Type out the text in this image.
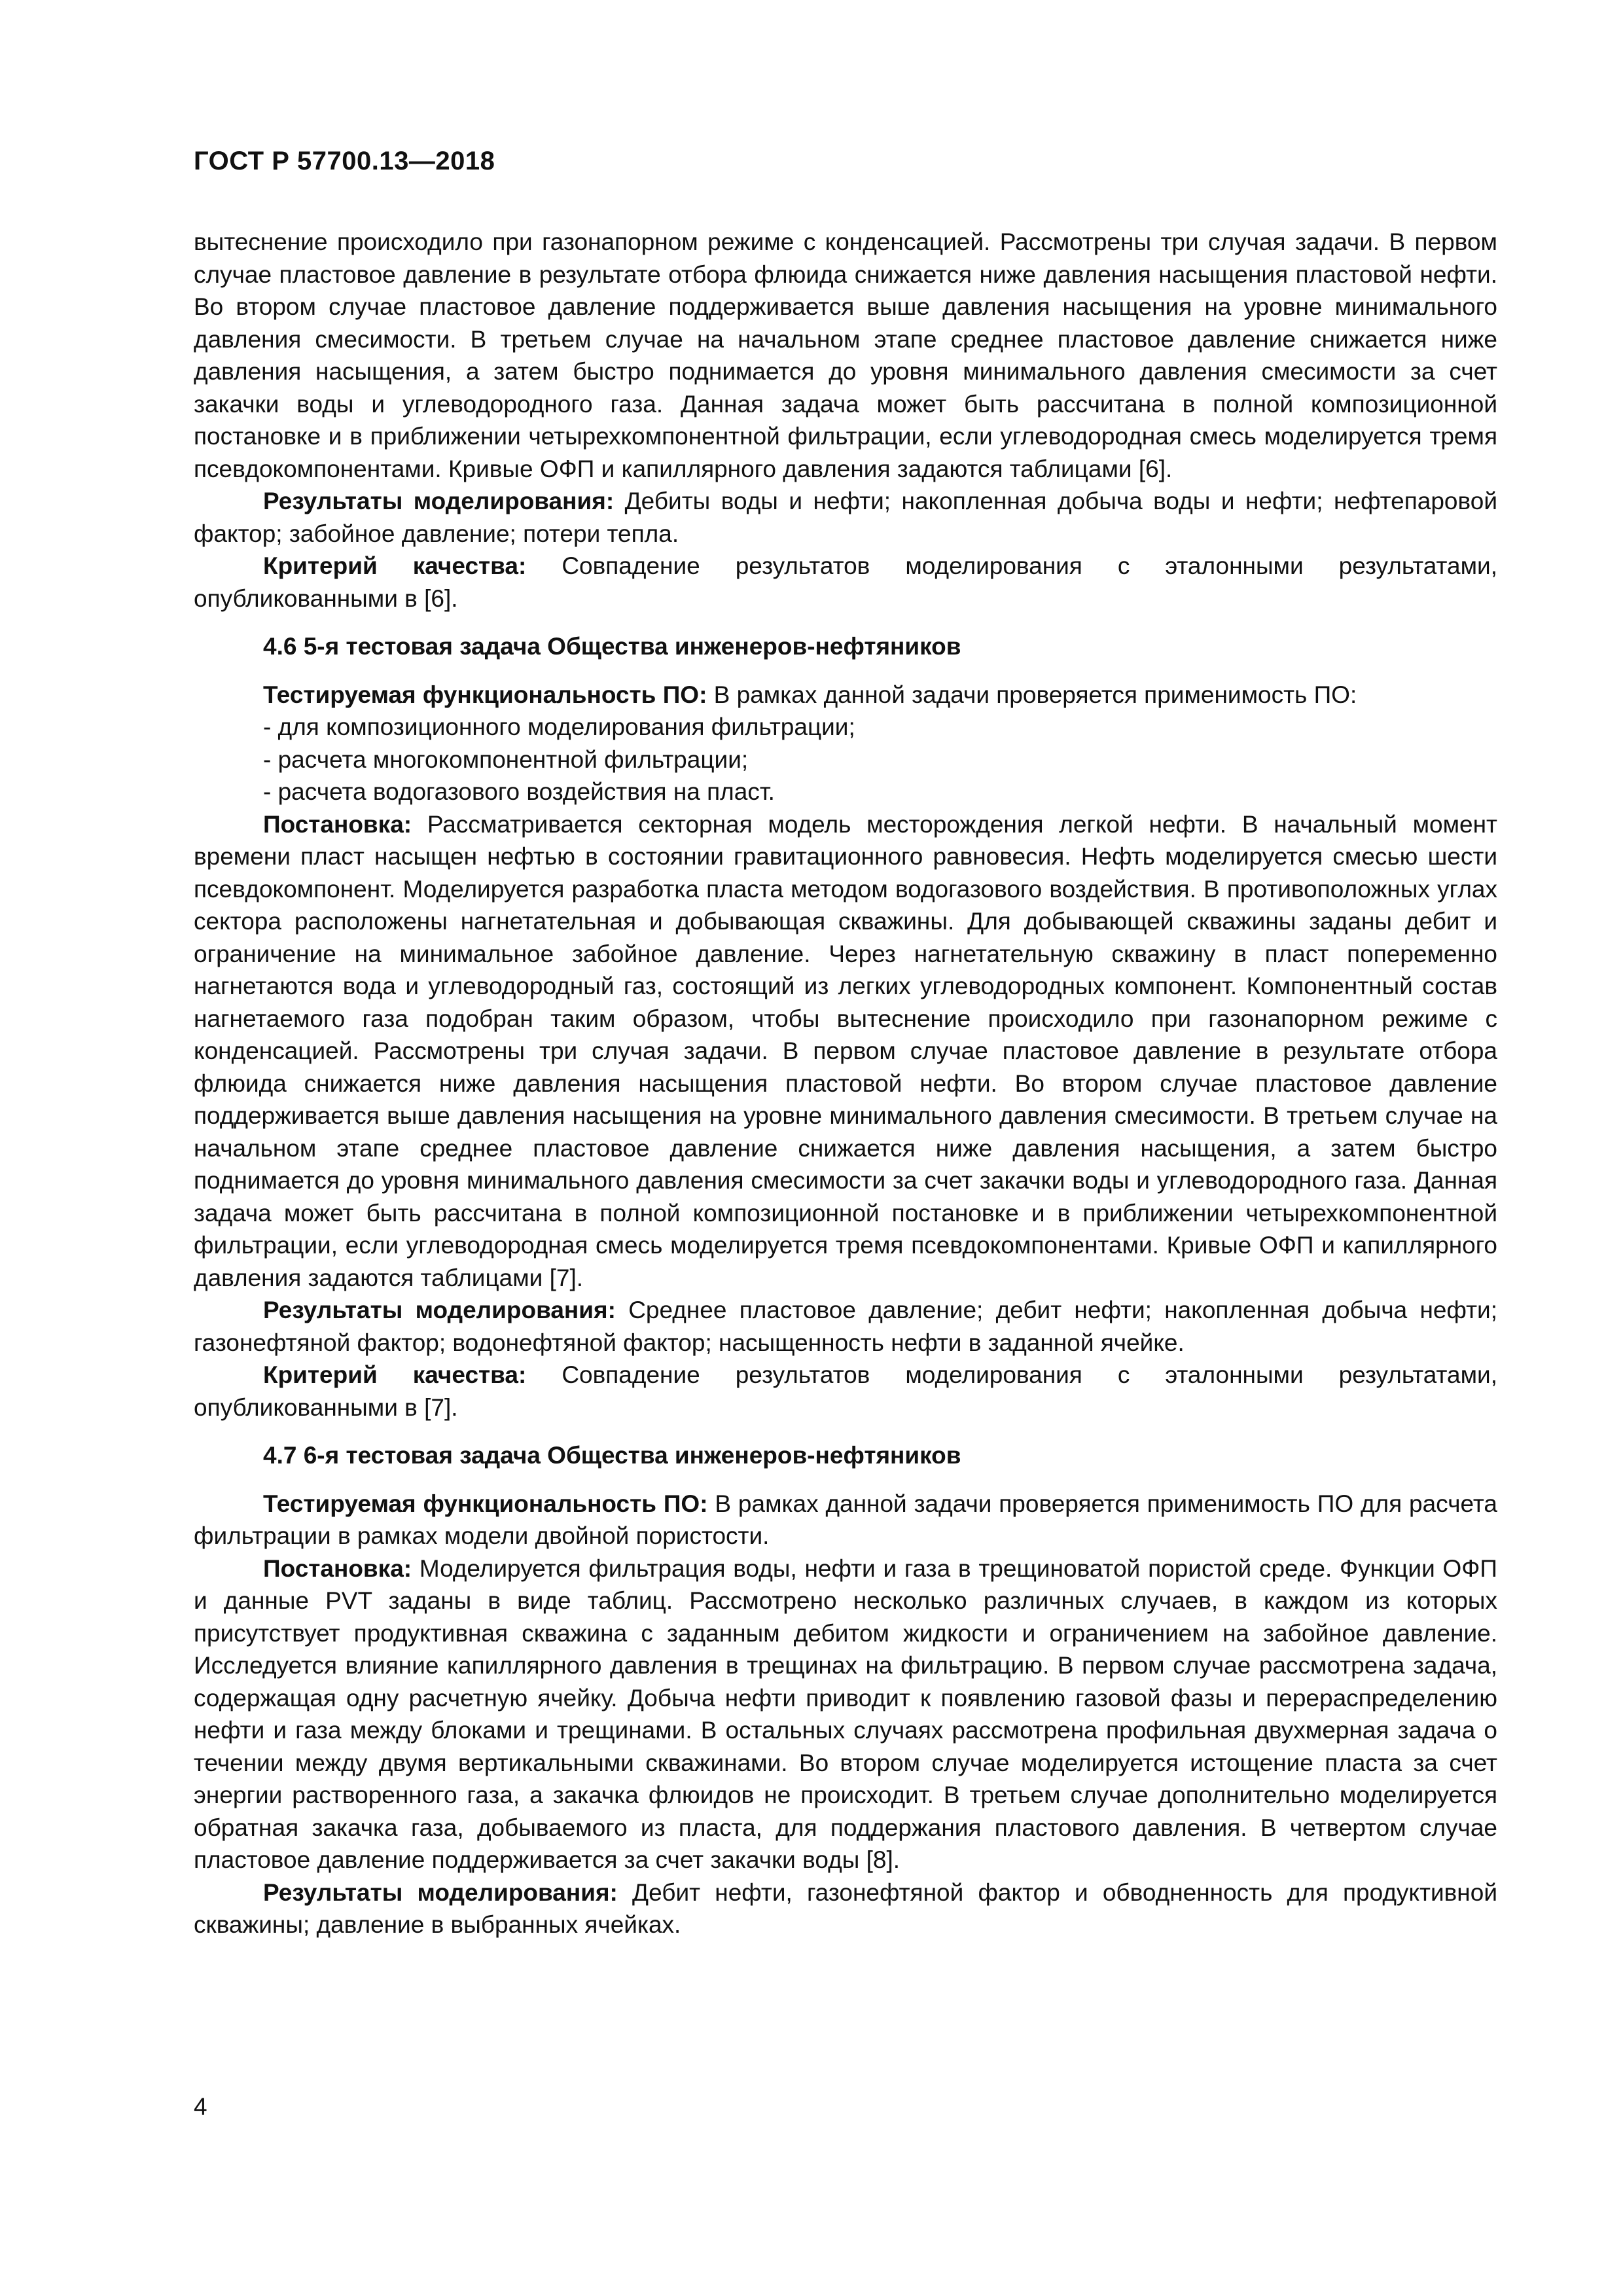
ГОСТ Р 57700.13—2018

вытеснение происходило при газонапорном режиме с конденсацией. Рассмотрены три случая задачи. В первом случае пластовое давление в результате отбора флюида снижается ниже давления насыщения пластовой нефти. Во втором случае пластовое давление поддерживается выше давления насыщения на уровне минимального давления смесимости. В третьем случае на начальном этапе среднее пластовое давление снижается ниже давления насыщения, а затем быстро поднимается до уровня минимального давления смесимости за счет закачки воды и углеводородного газа. Данная задача может быть рассчитана в полной композиционной постановке и в приближении четырехкомпонентной фильтрации, если углеводородная смесь моделируется тремя псевдокомпонентами. Кривые ОФП и капиллярного давления задаются таблицами [6].

Результаты моделирования: Дебиты воды и нефти; накопленная добыча воды и нефти; нефтепаровой фактор; забойное давление; потери тепла.

Критерий качества: Совпадение результатов моделирования с эталонными результатами, опубликованными в [6].

4.6 5-я тестовая задача Общества инженеров-нефтяников

Тестируемая функциональность ПО: В рамках данной задачи проверяется применимость ПО:

- для композиционного моделирования фильтрации;

- расчета многокомпонентной фильтрации;

- расчета водогазового воздействия на пласт.

Постановка: Рассматривается секторная модель месторождения легкой нефти. В начальный момент времени пласт насыщен нефтью в состоянии гравитационного равновесия. Нефть моделируется смесью шести псевдокомпонент. Моделируется разработка пласта методом водогазового воздействия. В противоположных углах сектора расположены нагнетательная и добывающая скважины. Для добывающей скважины заданы дебит и ограничение на минимальное забойное давление. Через нагнетательную скважину в пласт попеременно нагнетаются вода и углеводородный газ, состоящий из легких углеводородных компонент. Компонентный состав нагнетаемого газа подобран таким образом, чтобы вытеснение происходило при газонапорном режиме с конденсацией. Рассмотрены три случая задачи. В первом случае пластовое давление в результате отбора флюида снижается ниже давления насыщения пластовой нефти. Во втором случае пластовое давление поддерживается выше давления насыщения на уровне минимального давления смесимости. В третьем случае на начальном этапе среднее пластовое давление снижается ниже давления насыщения, а затем быстро поднимается до уровня минимального давления смесимости за счет закачки воды и углеводородного газа. Данная задача может быть рассчитана в полной композиционной постановке и в приближении четырехкомпонентной фильтрации, если углеводородная смесь моделируется тремя псевдокомпонентами. Кривые ОФП и капиллярного давления задаются таблицами [7].

Результаты моделирования: Среднее пластовое давление; дебит нефти; накопленная добыча нефти; газонефтяной фактор; водонефтяной фактор; насыщенность нефти в заданной ячейке.

Критерий качества: Совпадение результатов моделирования с эталонными результатами, опубликованными в [7].

4.7 6-я тестовая задача Общества инженеров-нефтяников

Тестируемая функциональность ПО: В рамках данной задачи проверяется применимость ПО для расчета фильтрации в рамках модели двойной пористости.

Постановка: Моделируется фильтрация воды, нефти и газа в трещиноватой пористой среде. Функции ОФП и данные PVT заданы в виде таблиц. Рассмотрено несколько различных случаев, в каждом из которых присутствует продуктивная скважина с заданным дебитом жидкости и ограничением на забойное давление. Исследуется влияние капиллярного давления в трещинах на фильтрацию. В первом случае рассмотрена задача, содержащая одну расчетную ячейку. Добыча нефти приводит к появлению газовой фазы и перераспределению нефти и газа между блоками и трещинами. В остальных случаях рассмотрена профильная двухмерная задача о течении между двумя вертикальными скважинами. Во втором случае моделируется истощение пласта за счет энергии растворенного газа, а закачка флюидов не происходит. В третьем случае дополнительно моделируется обратная закачка газа, добываемого из пласта, для поддержания пластового давления. В четвертом случае пластовое давление поддерживается за счет закачки воды [8].

Результаты моделирования: Дебит нефти, газонефтяной фактор и обводненность для продуктивной скважины; давление в выбранных ячейках.

4
